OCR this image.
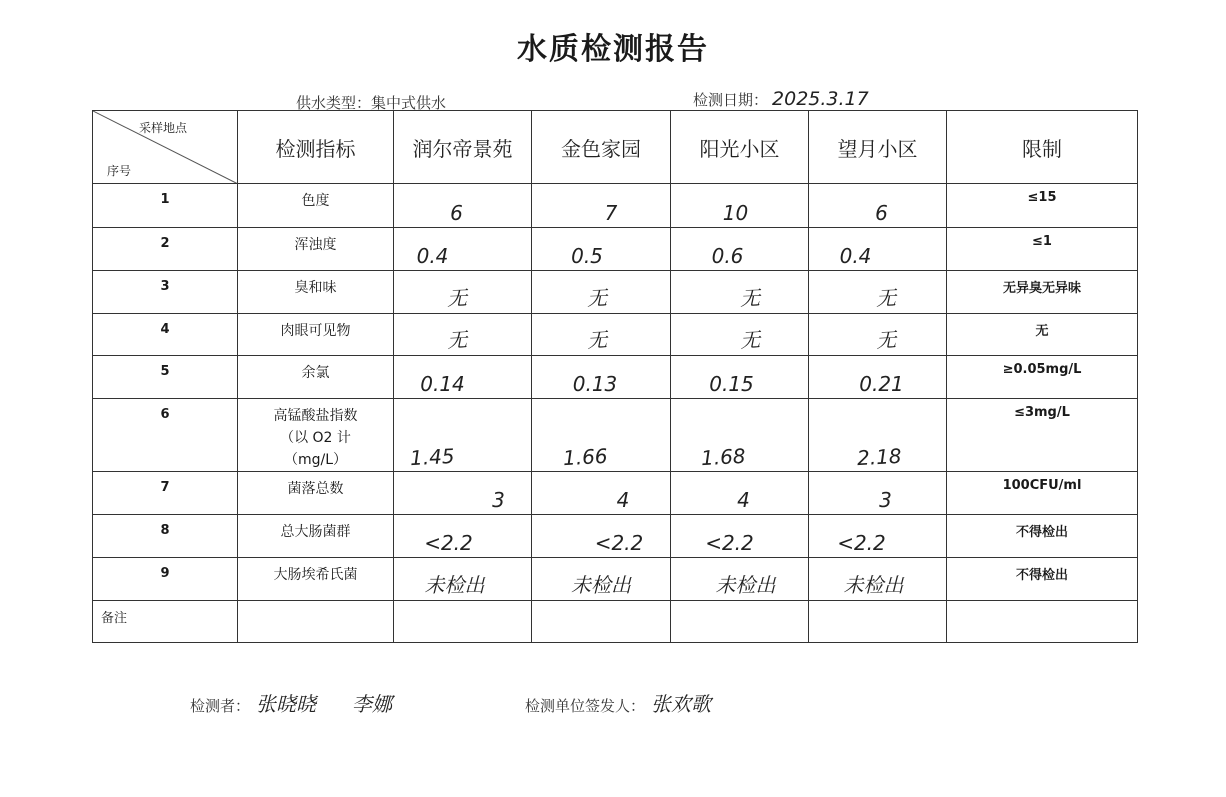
水质检测报告
供水类型：集中式供水	检测日期： 2025.3.17
采样地点
序号	检测指标	润尔帝景苑	金色家园	阳光小区	望月小区	限制
1	色度	6	7	10	6	≤15
2	浑浊度	0.4	0.5	0.6	0.4	≤1
3	臭和味	无	无	无	无	无异臭无异味
4	肉眼可见物	无	无	无	无	无
5	余氯	0.14	0.13	0.15	0.21	≥0.05mg/L
6	高锰酸盐指数
（以 O2 计
（mg/L）	1.45	1.66	1.68	2.18	≤3mg/L
7	菌落总数	3	4	4	3	100CFU/ml
8	总大肠菌群	<2.2	<2.2	<2.2	<2.2	不得检出
9	大肠埃希氏菌	未检出	未检出	未检出	未检出	不得检出
备注						
检测者： 张晓晓 李娜	检测单位签发人： 张欢歌
